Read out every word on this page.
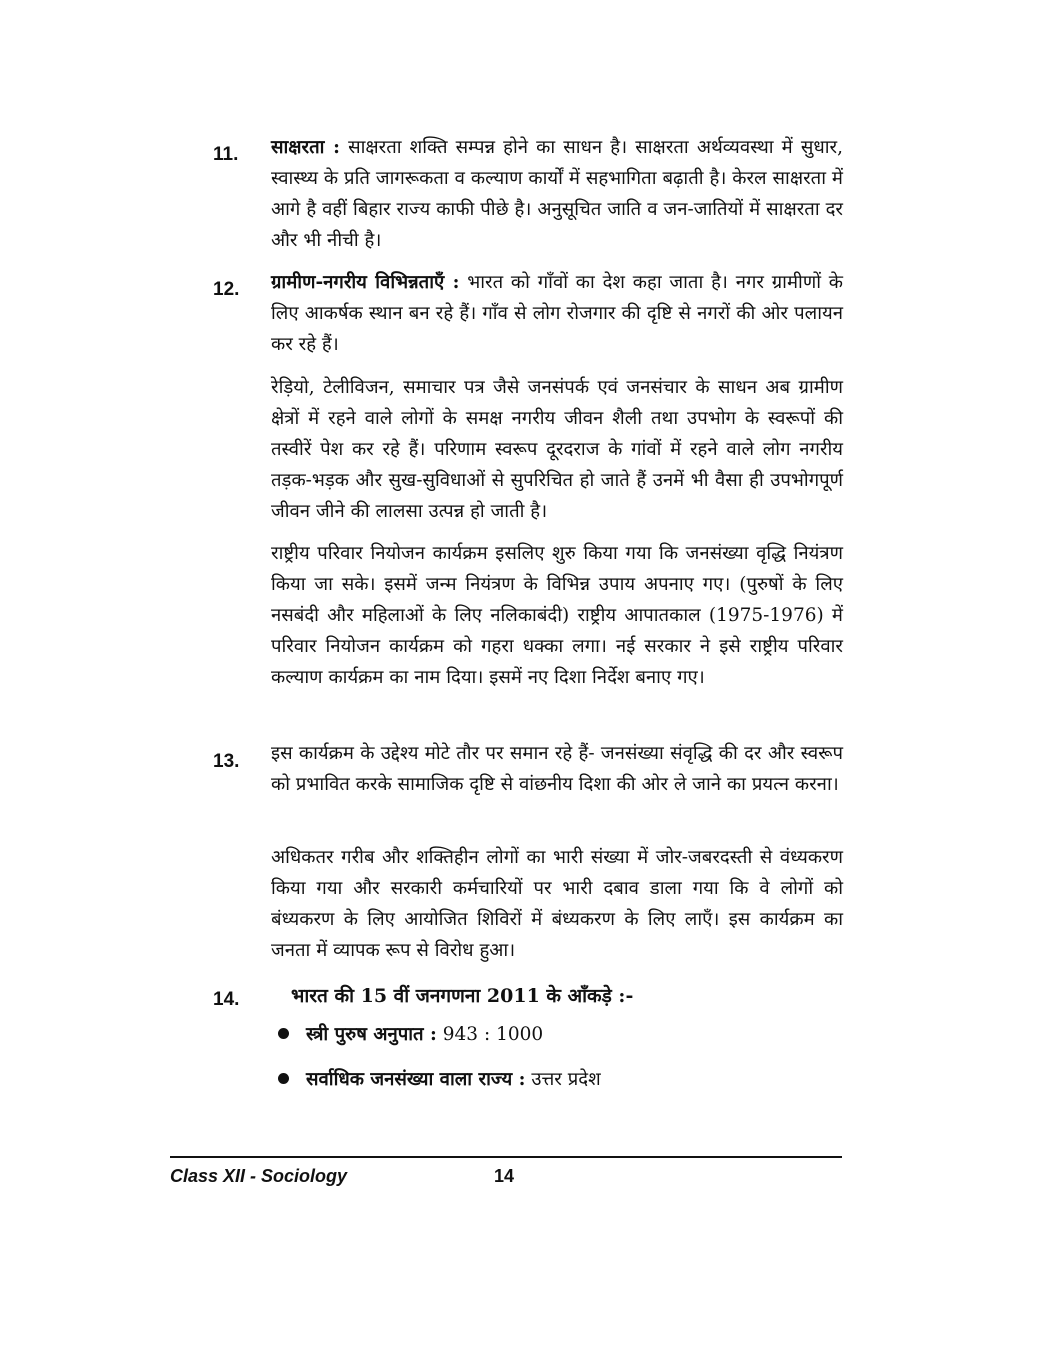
11.	साक्षरता : साक्षरता शक्ति सम्पन्न होने का साधन है। साक्षरता अर्थव्यवस्था में सुधार, स्वास्थ्य के प्रति जागरूकता व कल्याण कार्यों में सहभागिता बढ़ाती है। केरल साक्षरता में आगे है वहीं बिहार राज्य काफी पीछे है। अनुसूचित जाति व जन-जातियों में साक्षरता दर और भी नीची है।
12.	ग्रामीण-नगरीय विभिन्नताएँ : भारत को गाँवों का देश कहा जाता है। नगर ग्रामीणों के लिए आकर्षक स्थान बन रहे हैं। गाँव से लोग रोजगार की दृष्टि से नगरों की ओर पलायन कर रहे हैं।
रेड़ियो, टेलीविजन, समाचार पत्र जैसे जनसंपर्क एवं जनसंचार के साधन अब ग्रामीण क्षेत्रों में रहने वाले लोगों के समक्ष नगरीय जीवन शैली तथा उपभोग के स्वरूपों की तस्वीरें पेश कर रहे हैं। परिणाम स्वरूप दूरदराज के गांवों में रहने वाले लोग नगरीय तड़क-भड़क और सुख-सुविधाओं से सुपरिचित हो जाते हैं उनमें भी वैसा ही उपभोगपूर्ण जीवन जीने की लालसा उत्पन्न हो जाती है।
राष्ट्रीय परिवार नियोजन कार्यक्रम इसलिए शुरु किया गया कि जनसंख्या वृद्धि नियंत्रण किया जा सके। इसमें जन्म नियंत्रण के विभिन्न उपाय अपनाए गए। (पुरुषों के लिए नसबंदी और महिलाओं के लिए नलिकाबंदी) राष्ट्रीय आपातकाल (1975-1976) में परिवार नियोजन कार्यक्रम को गहरा धक्का लगा। नई सरकार ने इसे राष्ट्रीय परिवार कल्याण कार्यक्रम का नाम दिया। इसमें नए दिशा निर्देश बनाए गए।
13.	इस कार्यक्रम के उद्देश्य मोटे तौर पर समान रहे हैं- जनसंख्या संवृद्धि की दर और स्वरूप को प्रभावित करके सामाजिक दृष्टि से वांछनीय दिशा की ओर ले जाने का प्रयत्न करना।
अधिकतर गरीब और शक्तिहीन लोगों का भारी संख्या में जोर-जबरदस्ती से वंध्यकरण किया गया और सरकारी कर्मचारियों पर भारी दबाव डाला गया कि वे लोगों को बंध्यकरण के लिए आयोजित शिविरों में बंध्यकरण के लिए लाएँ। इस कार्यक्रम का जनता में व्यापक रूप से विरोध हुआ।
14.	भारत की 15 वीं जनगणना 2011 के आँकड़े :-
स्त्री पुरुष अनुपात : 943 : 1000
सर्वाधिक जनसंख्या वाला राज्य : उत्तर प्रदेश
Class XII - Sociology	14
